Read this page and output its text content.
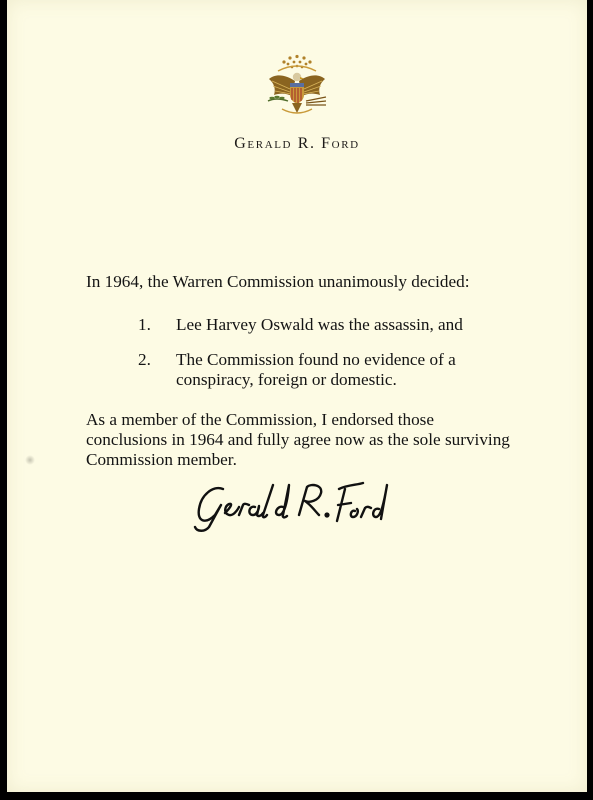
Gerald R. Ford
In 1964, the Warren Commission unanimously decided:
1. Lee Harvey Oswald was the assassin, and
2. The Commission found no evidence of a conspiracy, foreign or domestic.
As a member of the Commission, I endorsed those conclusions in 1964 and fully agree now as the sole surviving Commission member.
